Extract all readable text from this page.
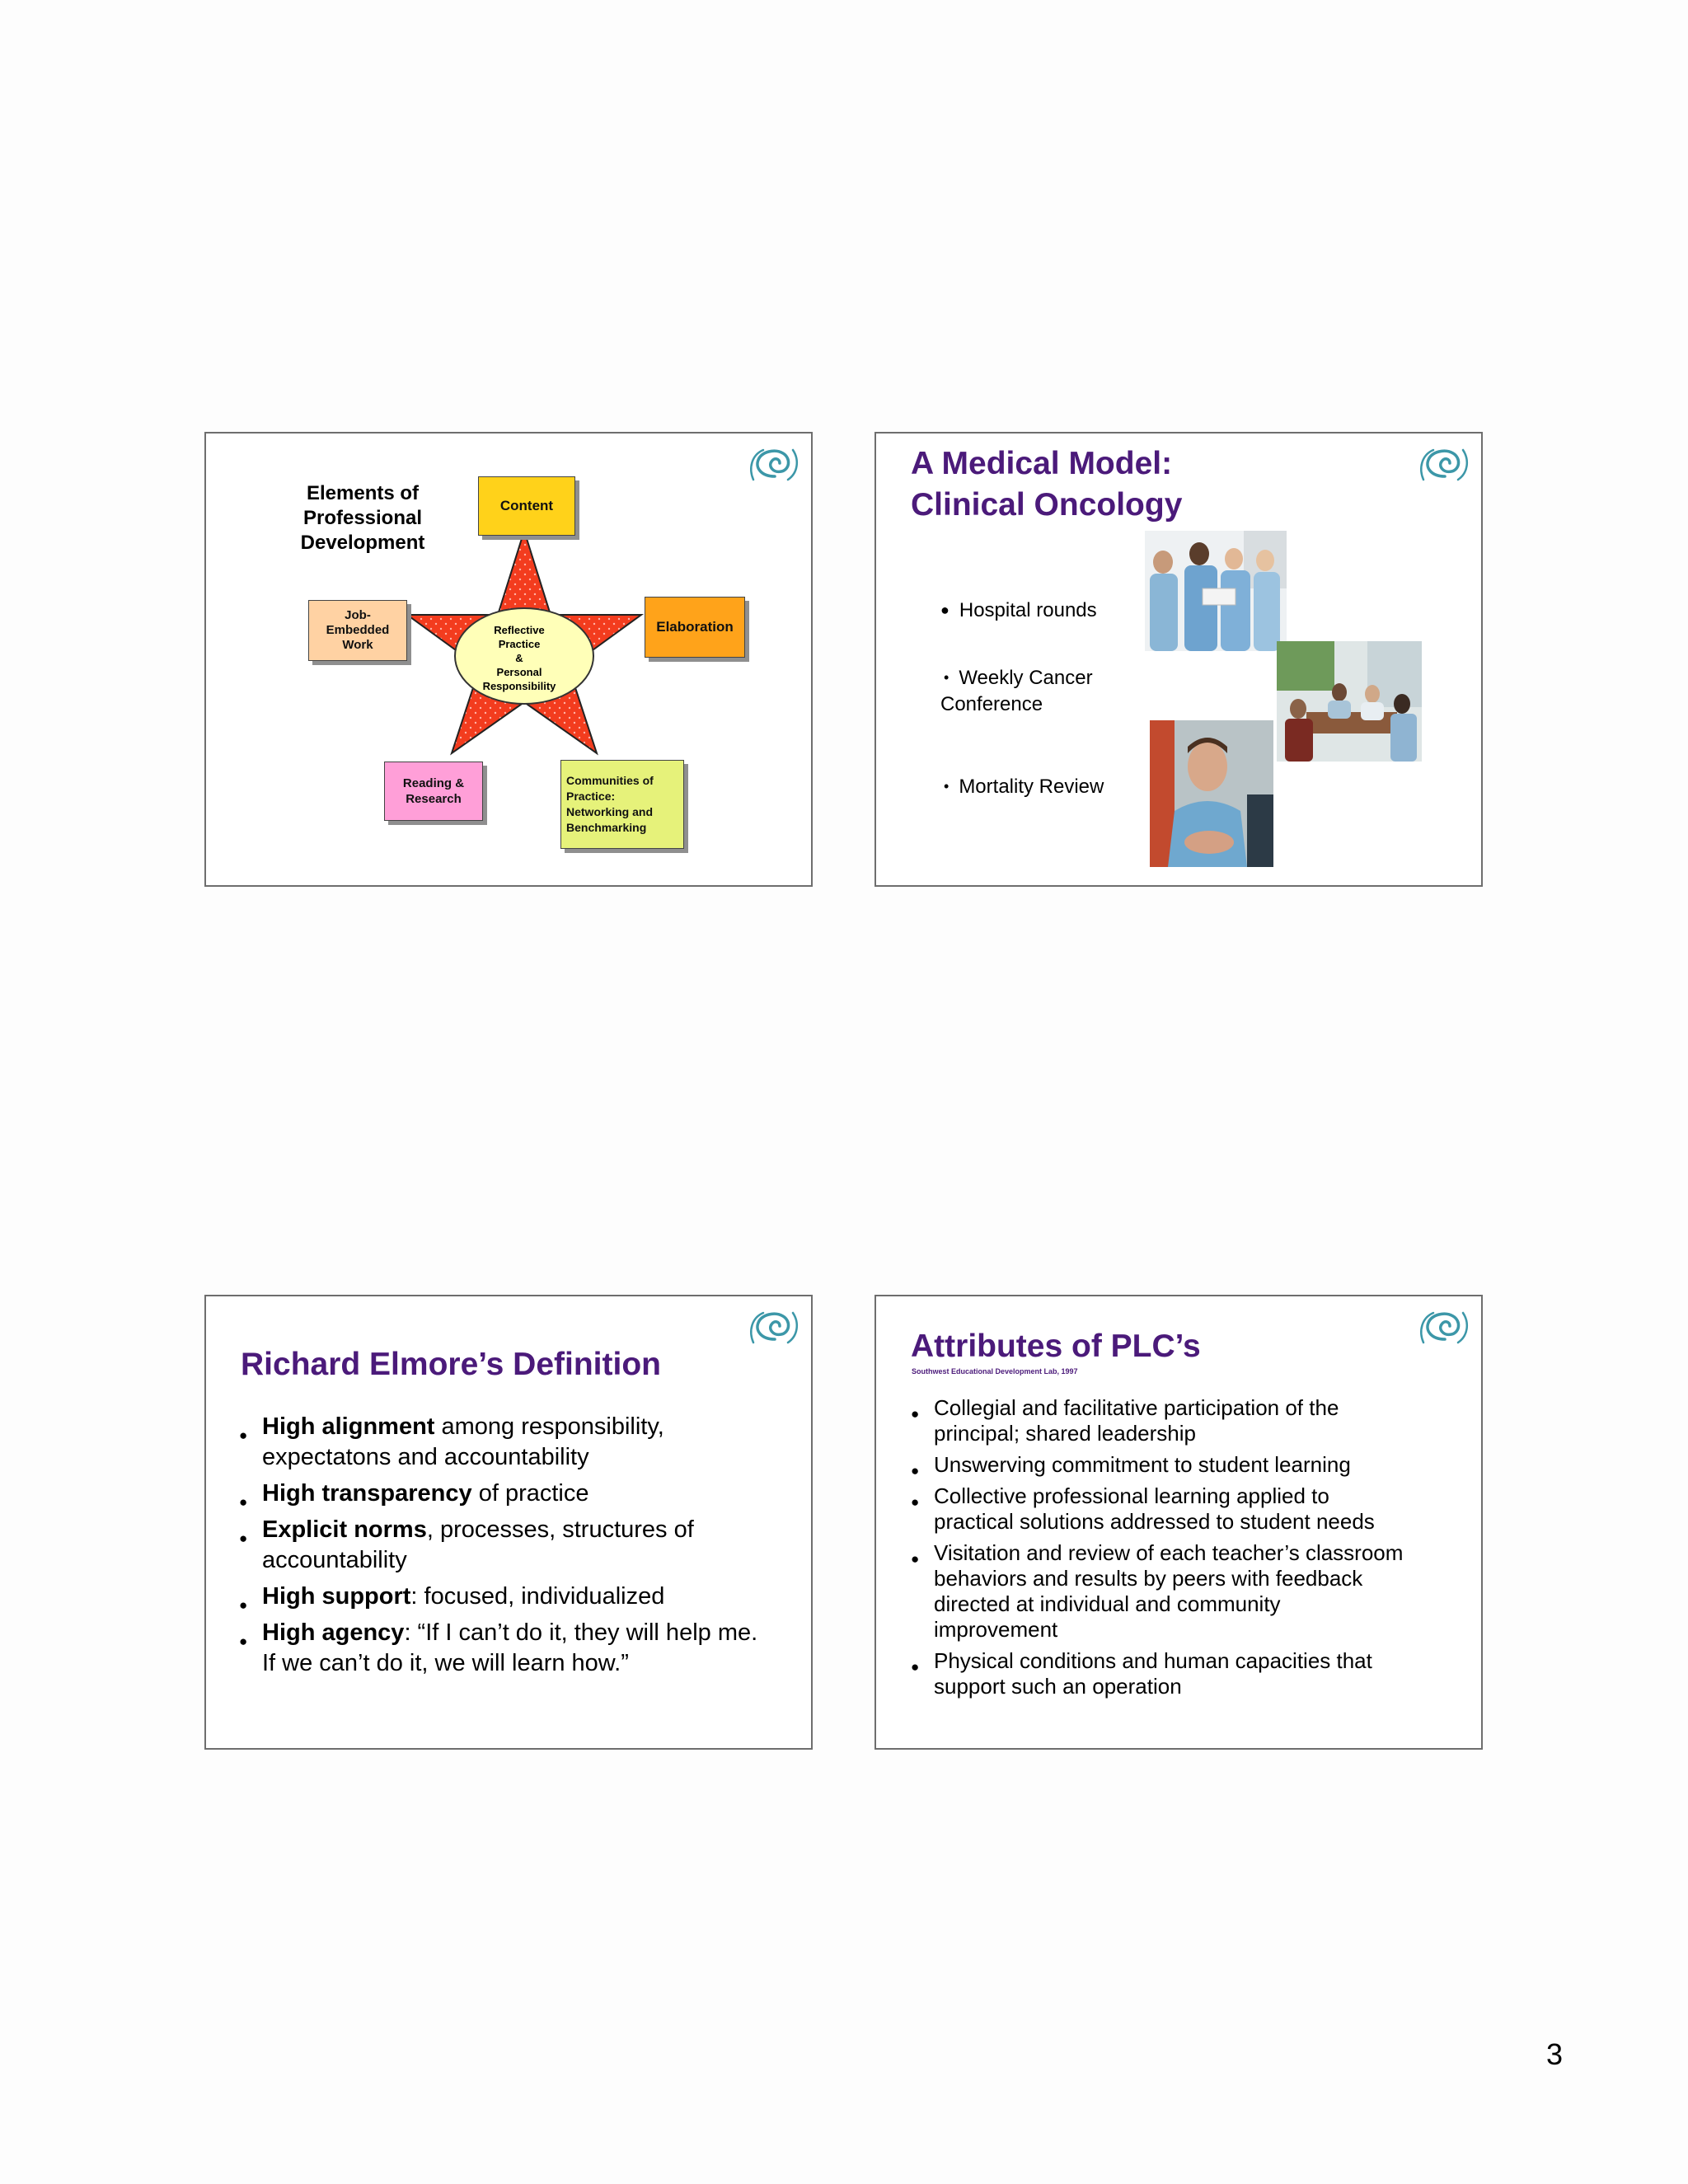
Elements of
Professional
Development
Reflective
Practice
&
Personal
Responsibility
Content
Elaboration
Job-
Embedded
Work
Reading &
Research
Communities of
Practice:
Networking and
Benchmarking
A Medical Model:
Clinical Oncology
● Hospital rounds
• Weekly Cancer
Conference
• Mortality Review
Richard Elmore’s Definition
● High alignment among responsibility, expectatons and accountability
● High transparency of practice
● Explicit norms, processes, structures of accountability
● High support: focused, individualized
● High agency: “If I can’t do it, they will help me. If we can’t do it, we will learn how.”
Attributes of PLC’s
Southwest Educational Development Lab, 1997
● Collegial and facilitative participation of the principal; shared leadership
● Unswerving commitment to student learning
● Collective professional learning applied to practical solutions addressed to student needs
● Visitation and review of each teacher’s classroom behaviors and results by peers with feedback directed at individual and community improvement
● Physical conditions and human capacities that support such an operation
3
